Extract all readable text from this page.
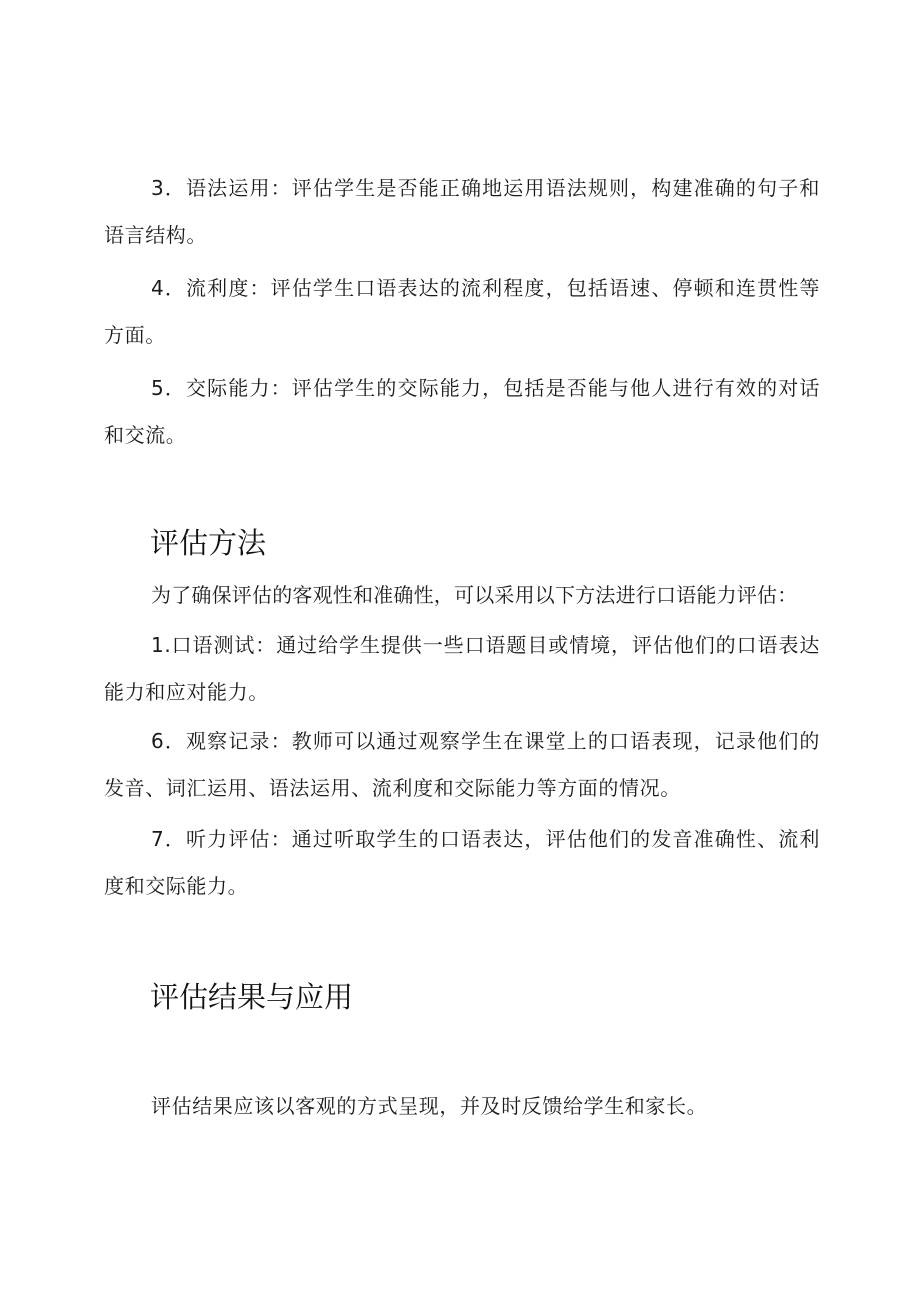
3．语法运用：评估学生是否能正确地运用语法规则，构建准确的句子和语言结构。

4．流利度：评估学生口语表达的流利程度，包括语速、停顿和连贯性等方面。

5．交际能力：评估学生的交际能力，包括是否能与他人进行有效的对话和交流。

评估方法

为了确保评估的客观性和准确性，可以采用以下方法进行口语能力评估：

1.口语测试：通过给学生提供一些口语题目或情境，评估他们的口语表达能力和应对能力。

6．观察记录：教师可以通过观察学生在课堂上的口语表现，记录他们的发音、词汇运用、语法运用、流利度和交际能力等方面的情况。

7．听力评估：通过听取学生的口语表达，评估他们的发音准确性、流利度和交际能力。

评估结果与应用

评估结果应该以客观的方式呈现，并及时反馈给学生和家长。
